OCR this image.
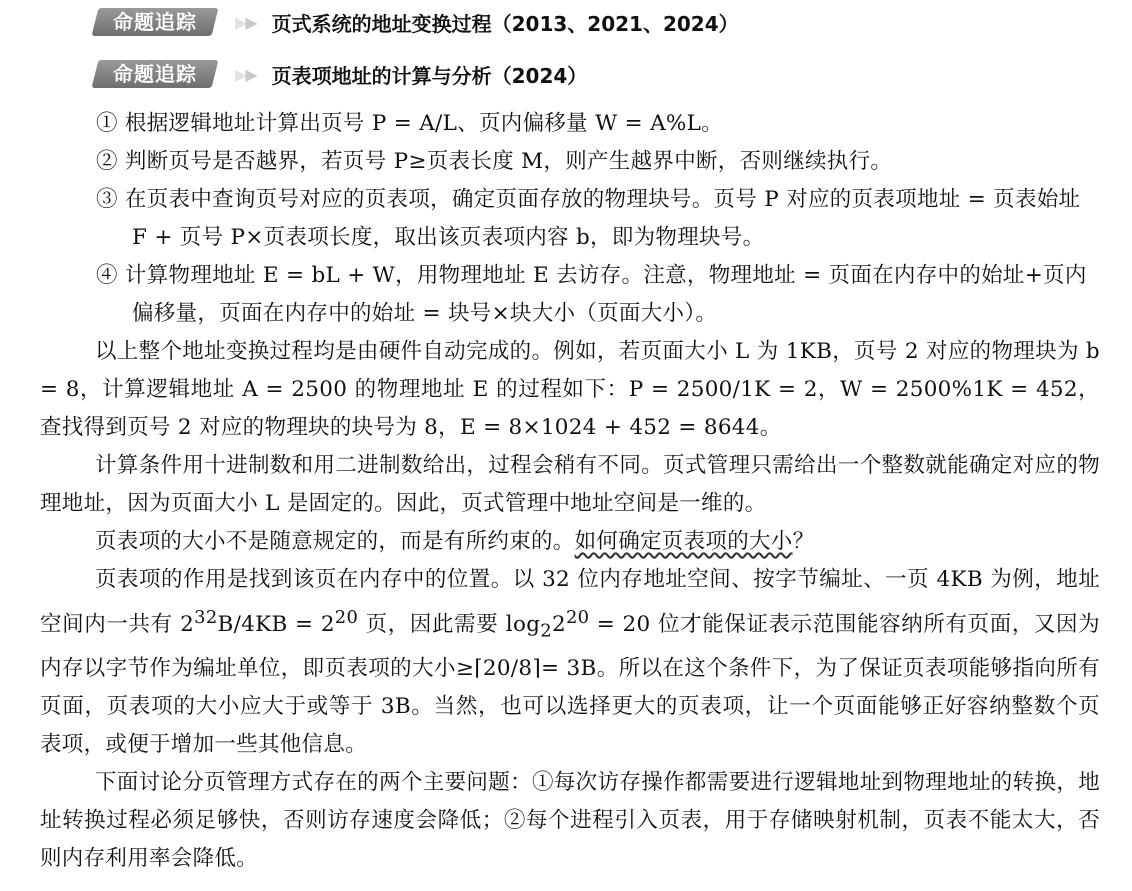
命题追踪	▶▶ 页式系统的地址变换过程（2013、2021、2024）
命题追踪	▶▶ 页表项地址的计算与分析（2024）

① 根据逻辑地址计算出页号 P = A/L、页内偏移量 W = A%L。

② 判断页号是否越界，若页号 P≥页表长度 M，则产生越界中断，否则继续执行。

③ 在页表中查询页号对应的页表项，确定页面存放的物理块号。页号 P 对应的页表项地址 = 页表始址 F + 页号 P×页表项长度，取出该页表项内容 b，即为物理块号。

④ 计算物理地址 E = bL + W，用物理地址 E 去访存。注意，物理地址 = 页面在内存中的始址+页内偏移量，页面在内存中的始址 = 块号×块大小（页面大小）。

以上整个地址变换过程均是由硬件自动完成的。例如，若页面大小 L 为 1KB，页号 2 对应的物理块为 b = 8，计算逻辑地址 A = 2500 的物理地址 E 的过程如下：P = 2500/1K = 2，W = 2500%1K = 452，查找得到页号 2 对应的物理块的块号为 8，E = 8×1024 + 452 = 8644。

计算条件用十进制数和用二进制数给出，过程会稍有不同。页式管理只需给出一个整数就能确定对应的物理地址，因为页面大小 L 是固定的。因此，页式管理中地址空间是一维的。

页表项的大小不是随意规定的，而是有所约束的。如何确定页表项的大小？

页表项的作用是找到该页在内存中的位置。以 32 位内存地址空间、按字节编址、一页 4KB 为例，地址空间内一共有 $2^{32}B/4KB = 2^{20}$ 页，因此需要 $\log_22^{20} = 20$ 位才能保证表示范围能容纳所有页面，又因为内存以字节作为编址单位，即页表项的大小≥⌈20/8⌉= 3B。所以在这个条件下，为了保证页表项能够指向所有页面，页表项的大小应大于或等于 3B。当然，也可以选择更大的页表项，让一个页面能够正好容纳整数个页表项，或便于增加一些其他信息。

下面讨论分页管理方式存在的两个主要问题：①每次访存操作都需要进行逻辑地址到物理地址的转换，地址转换过程必须足够快，否则访存速度会降低；②每个进程引入页表，用于存储映射机制，页表不能太大，否则内存利用率会降低。
